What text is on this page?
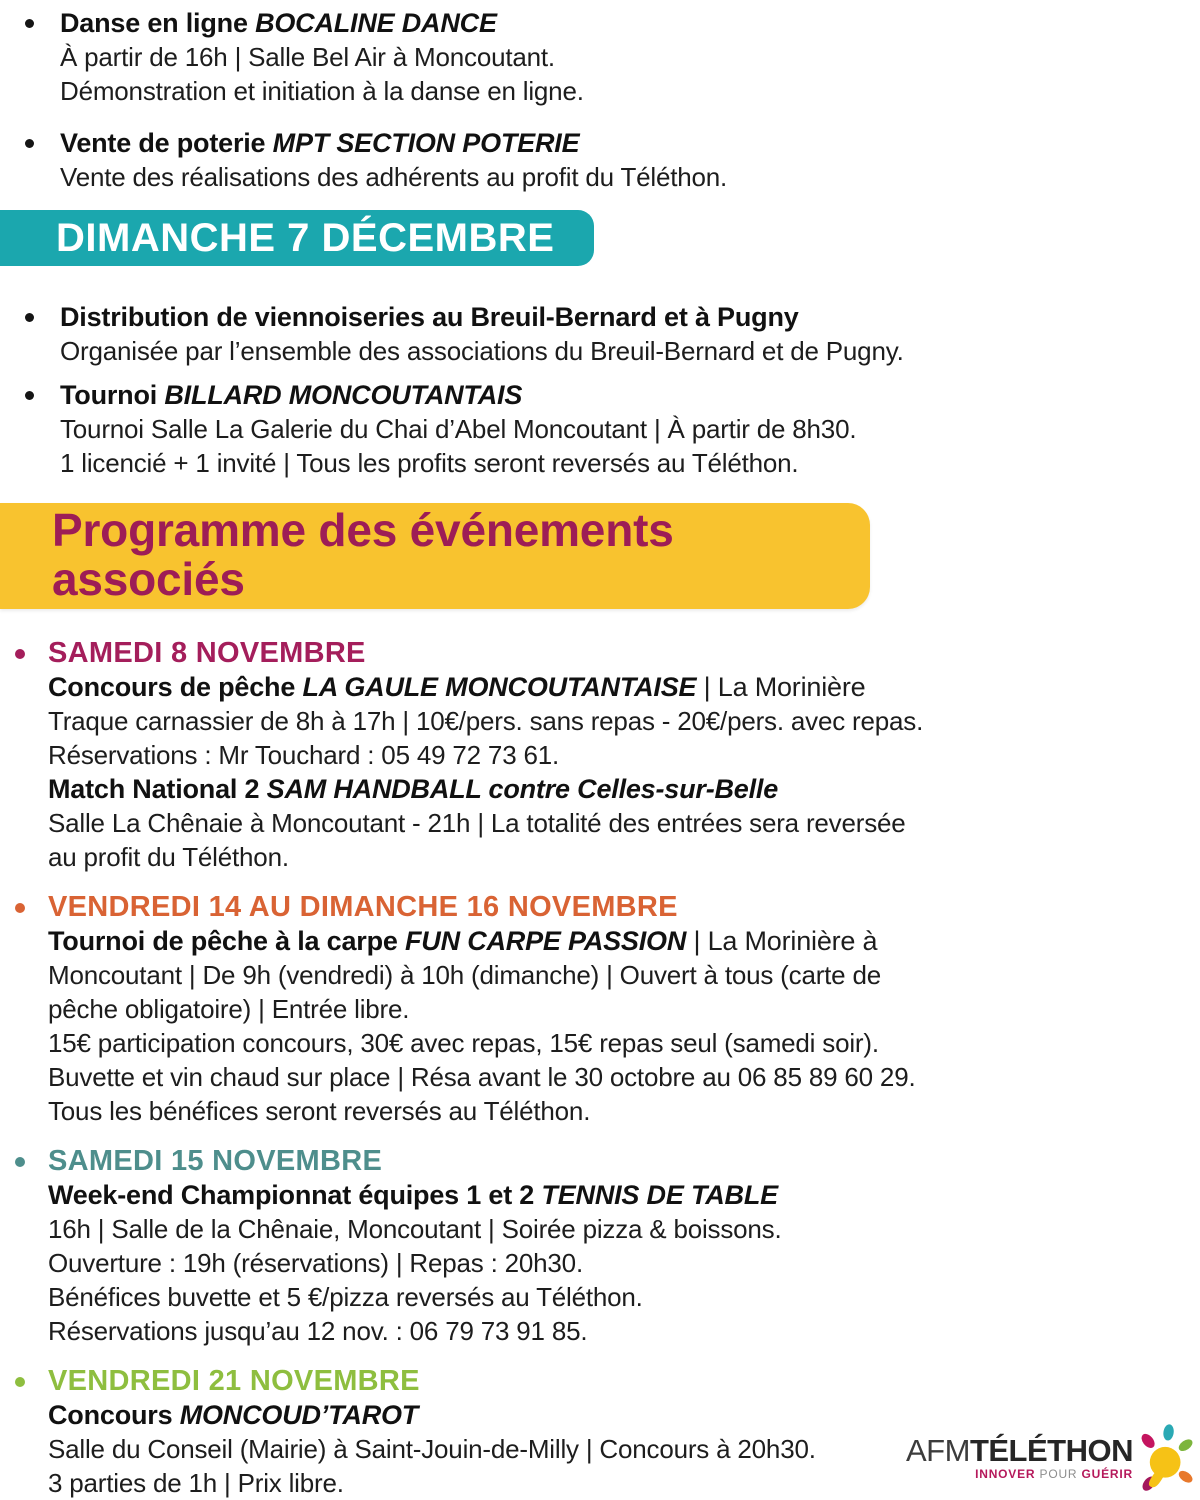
Danse en ligne BOCALINE DANCE
À partir de 16h | Salle Bel Air à Moncoutant.
Démonstration et initiation à la danse en ligne.
Vente de poterie MPT SECTION POTERIE
Vente des réalisations des adhérents au profit du Téléthon.
DIMANCHE 7 DÉCEMBRE
Distribution de viennoiseries au Breuil-Bernard et à Pugny
Organisée par l’ensemble des associations du Breuil-Bernard et de Pugny.
Tournoi BILLARD MONCOUTANTAIS
Tournoi Salle La Galerie du Chai d’Abel Moncoutant | À partir de 8h30.
1 licencié + 1 invité | Tous les profits seront reversés au Téléthon.
Programme des événements
associés
SAMEDI 8 NOVEMBRE
Concours de pêche LA GAULE MONCOUTANTAISE | La Morinière
Traque carnassier de 8h à 17h | 10€/pers. sans repas - 20€/pers. avec repas.
Réservations : Mr Touchard : 05 49 72 73 61.
Match National 2 SAM HANDBALL contre Celles-sur-Belle
Salle La Chênaie à Moncoutant - 21h | La totalité des entrées sera reversée
au profit du Téléthon.
VENDREDI 14 AU DIMANCHE 16 NOVEMBRE
Tournoi de pêche à la carpe FUN CARPE PASSION | La Morinière à
Moncoutant | De 9h (vendredi) à 10h (dimanche) | Ouvert à tous (carte de
pêche obligatoire) | Entrée libre.
15€ participation concours, 30€ avec repas, 15€ repas seul (samedi soir).
Buvette et vin chaud sur place | Résa avant le 30 octobre au 06 85 89 60 29.
Tous les bénéfices seront reversés au Téléthon.
SAMEDI 15 NOVEMBRE
Week-end Championnat équipes 1 et 2 TENNIS DE TABLE
16h | Salle de la Chênaie, Moncoutant | Soirée pizza & boissons.
Ouverture : 19h (réservations) | Repas : 20h30.
Bénéfices buvette et 5 €/pizza reversés au Téléthon.
Réservations jusqu’au 12 nov. : 06 79 73 91 85.
VENDREDI 21 NOVEMBRE
Concours MONCOUD’TAROT
Salle du Conseil (Mairie) à Saint-Jouin-de-Milly | Concours à 20h30.
3 parties de 1h | Prix libre.
AFMTÉLÉTHON
INNOVER POUR GUÉRIR
